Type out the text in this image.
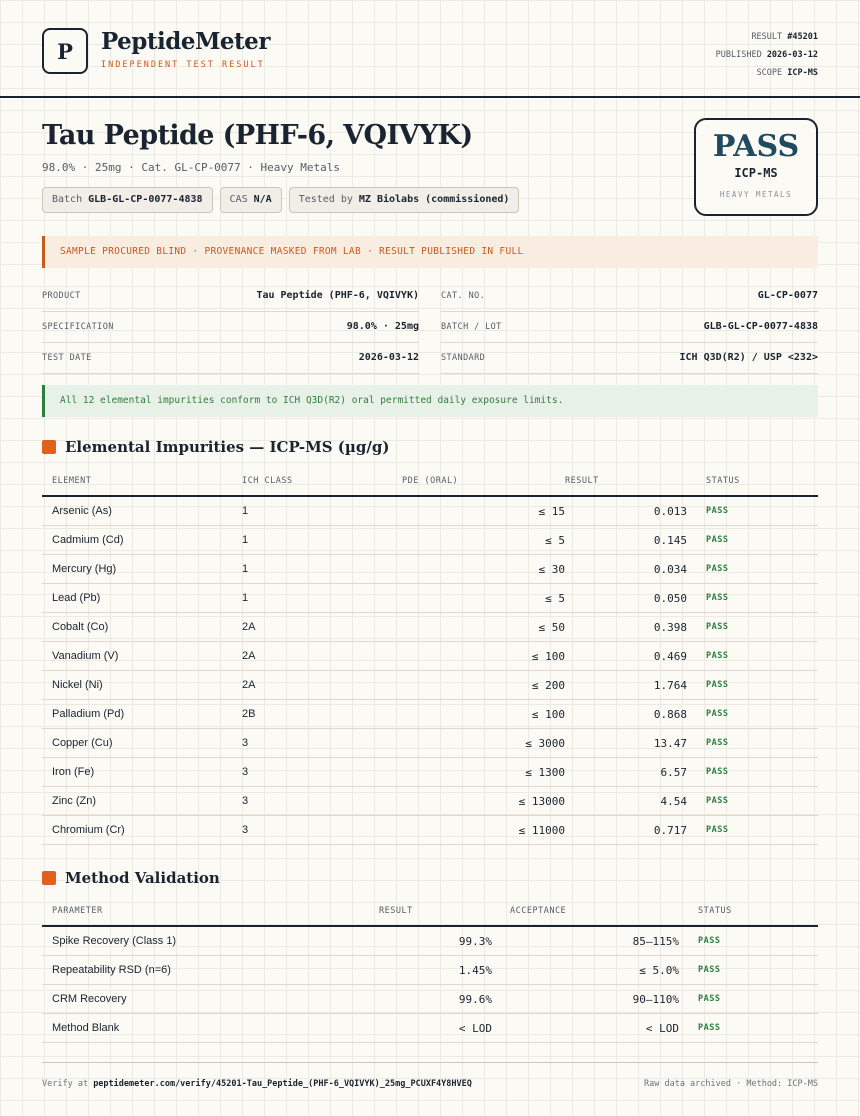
P PeptideMeter
INDEPENDENT TEST RESULT
RESULT #45201
PUBLISHED 2026-03-12
SCOPE ICP-MS
Tau Peptide (PHF-6, VQIVYK)
98.0% · 25mg · Cat. GL-CP-0077 · Heavy Metals
Batch GLB-GL-CP-0077-4838	CAS N/A	Tested by MZ Biolabs (commissioned)
PASS
ICP-MS
HEAVY METALS
SAMPLE PROCURED BLIND · PROVENANCE MASKED FROM LAB · RESULT PUBLISHED IN FULL
PRODUCT	Tau Peptide (PHF-6, VQIVYK)
SPECIFICATION	98.0% · 25mg
TEST DATE	2026-03-12
CAT. NO.	GL-CP-0077
BATCH / LOT	GLB-GL-CP-0077-4838
STANDARD	ICH Q3D(R2) / USP <232>
All 12 elemental impurities conform to ICH Q3D(R2) oral permitted daily exposure limits.
Elemental Impurities — ICP-MS (µg/g)
ELEMENT	ICH CLASS	PDE (ORAL)	RESULT	STATUS
Arsenic (As)	1	≤ 15	0.013	PASS
Cadmium (Cd)	1	≤ 5	0.145	PASS
Mercury (Hg)	1	≤ 30	0.034	PASS
Lead (Pb)	1	≤ 5	0.050	PASS
Cobalt (Co)	2A	≤ 50	0.398	PASS
Vanadium (V)	2A	≤ 100	0.469	PASS
Nickel (Ni)	2A	≤ 200	1.764	PASS
Palladium (Pd)	2B	≤ 100	0.868	PASS
Copper (Cu)	3	≤ 3000	13.47	PASS
Iron (Fe)	3	≤ 1300	6.57	PASS
Zinc (Zn)	3	≤ 13000	4.54	PASS
Chromium (Cr)	3	≤ 11000	0.717	PASS
Method Validation
PARAMETER	RESULT	ACCEPTANCE	STATUS
Spike Recovery (Class 1)	99.3%	85–115%	PASS
Repeatability RSD (n=6)	1.45%	≤ 5.0%	PASS
CRM Recovery	99.6%	90–110%	PASS
Method Blank	< LOD	< LOD	PASS
Verify at peptidemeter.com/verify/45201-Tau_Peptide_(PHF-6_VQIVYK)_25mg_PCUXF4Y8HVEQ	Raw data archived · Method: ICP-MS
